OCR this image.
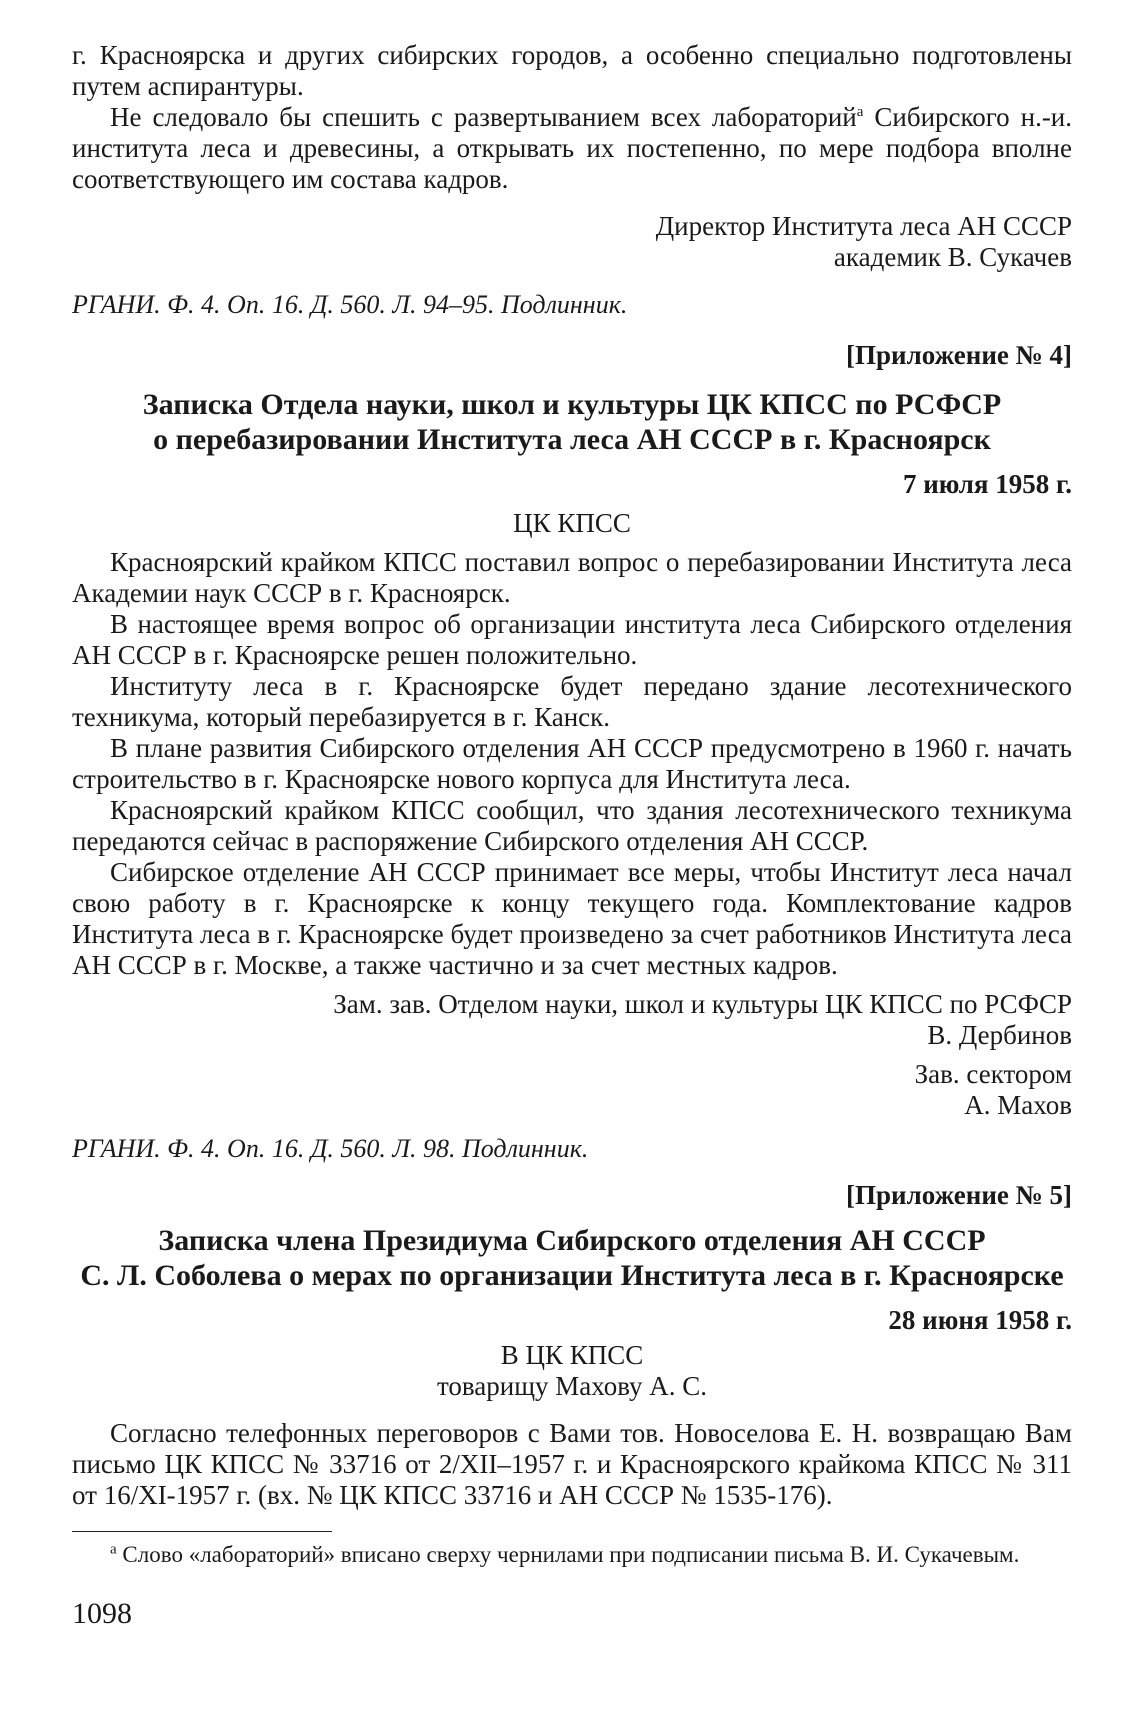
г. Красноярска и других сибирских городов, а особенно специально подготовлены путем аспирантуры.

Не следовало бы спешить с развертыванием всех лабораторий$^а$ Сибирского н.-и. института леса и древесины, а открывать их постепенно, по мере подбора вполне соответствующего им состава кадров.

Директор Института леса АН СССР
академик В. Сукачев

РГАНИ. Ф. 4. Оп. 16. Д. 560. Л. 94–95. Подлинник.

[Приложение № 4]

Записка Отдела науки, школ и культуры ЦК КПСС по РСФСР

о перебазировании Института леса АН СССР в г. Красноярск

7 июля 1958 г.

ЦК КПСС

Красноярский крайком КПСС поставил вопрос о перебазировании Института леса Академии наук СССР в г. Красноярск.

В настоящее время вопрос об организации института леса Сибирского отделения АН СССР в г. Красноярске решен положительно.

Институту леса в г. Красноярске будет передано здание лесотехнического техникума, который перебазируется в г. Канск.

В плане развития Сибирского отделения АН СССР предусмотрено в 1960 г. начать строительство в г. Красноярске нового корпуса для Института леса.

Красноярский крайком КПСС сообщил, что здания лесотехнического техникума передаются сейчас в распоряжение Сибирского отделения АН СССР.

Сибирское отделение АН СССР принимает все меры, чтобы Институт леса начал свою работу в г. Красноярске к концу текущего года. Комплектование кадров Института леса в г. Красноярске будет произведено за счет работников Института леса АН СССР в г. Москве, а также частично и за счет местных кадров.

Зам. зав. Отделом науки, школ и культуры ЦК КПСС по РСФСР
В. Дербинов
Зав. сектором
А. Махов

РГАНИ. Ф. 4. Оп. 16. Д. 560. Л. 98. Подлинник.

[Приложение № 5]

Записка члена Президиума Сибирского отделения АН СССР

С. Л. Соболева о мерах по организации Института леса в г. Красноярске

28 июня 1958 г.

В ЦК КПСС

товарищу Махову А. С.

Согласно телефонных переговоров с Вами тов. Новоселова Е. Н. возвращаю Вам письмо ЦК КПСС № 33716 от 2/XII–1957 г. и Красноярского крайкома КПСС № 311 от 16/XI-1957 г. (вх. № ЦК КПСС 33716 и АН СССР № 1535-176).

$^а$ Слово «лабораторий» вписано сверху чернилами при подписании письма В. И. Сукачевым.

1098
